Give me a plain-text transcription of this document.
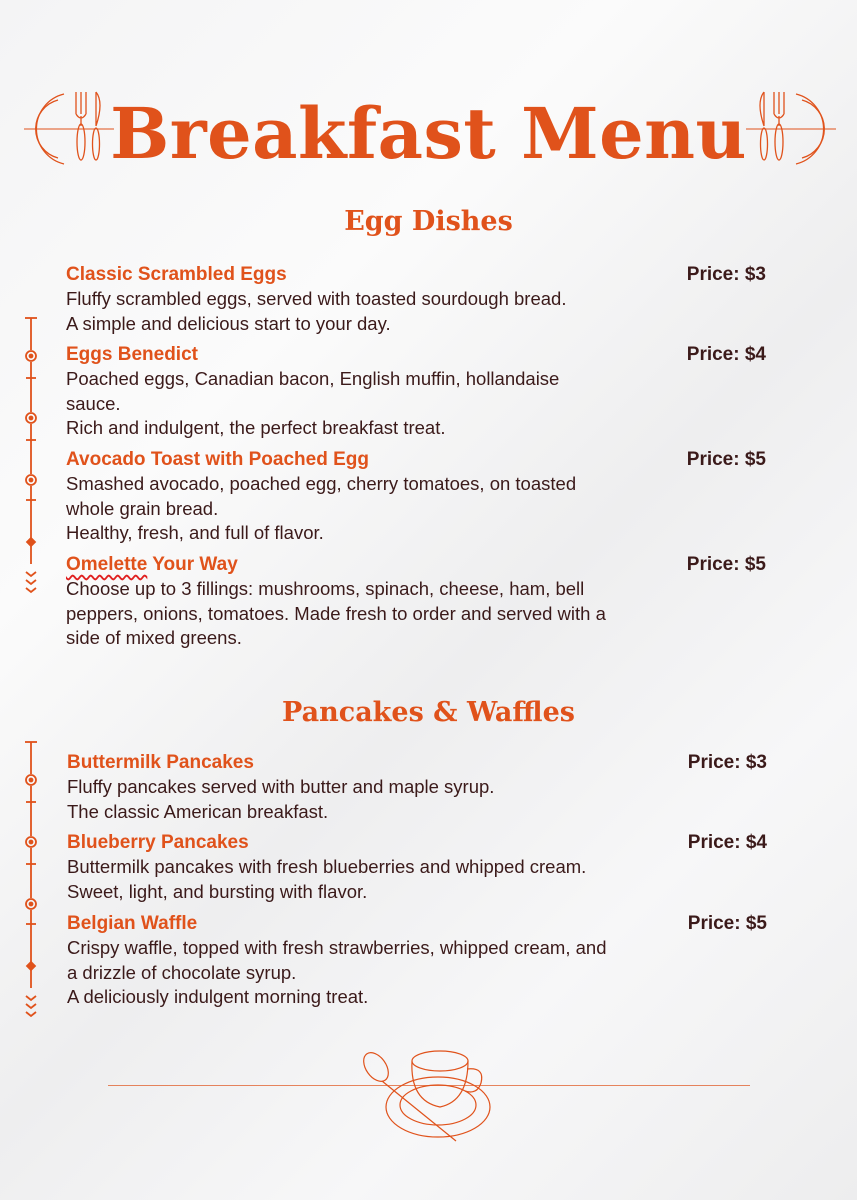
Breakfast Menu
Egg Dishes
Classic Scrambled Eggs	Price: $3
Fluffy scrambled eggs, served with toasted sourdough bread.
A simple and delicious start to your day.
Eggs Benedict	Price: $4
Poached eggs, Canadian bacon, English muffin, hollandaise
sauce.
Rich and indulgent, the perfect breakfast treat.
Avocado Toast with Poached Egg	Price: $5
Smashed avocado, poached egg, cherry tomatoes, on toasted
whole grain bread.
Healthy, fresh, and full of flavor.
Omelette Your Way	Price: $5
Choose up to 3 fillings: mushrooms, spinach, cheese, ham, bell
peppers, onions, tomatoes. Made fresh to order and served with a
side of mixed greens.
Pancakes & Waffles
Buttermilk Pancakes	Price: $3
Fluffy pancakes served with butter and maple syrup.
The classic American breakfast.
Blueberry Pancakes	Price: $4
Buttermilk pancakes with fresh blueberries and whipped cream.
Sweet, light, and bursting with flavor.
Belgian Waffle	Price: $5
Crispy waffle, topped with fresh strawberries, whipped cream, and
a drizzle of chocolate syrup.
A deliciously indulgent morning treat.
